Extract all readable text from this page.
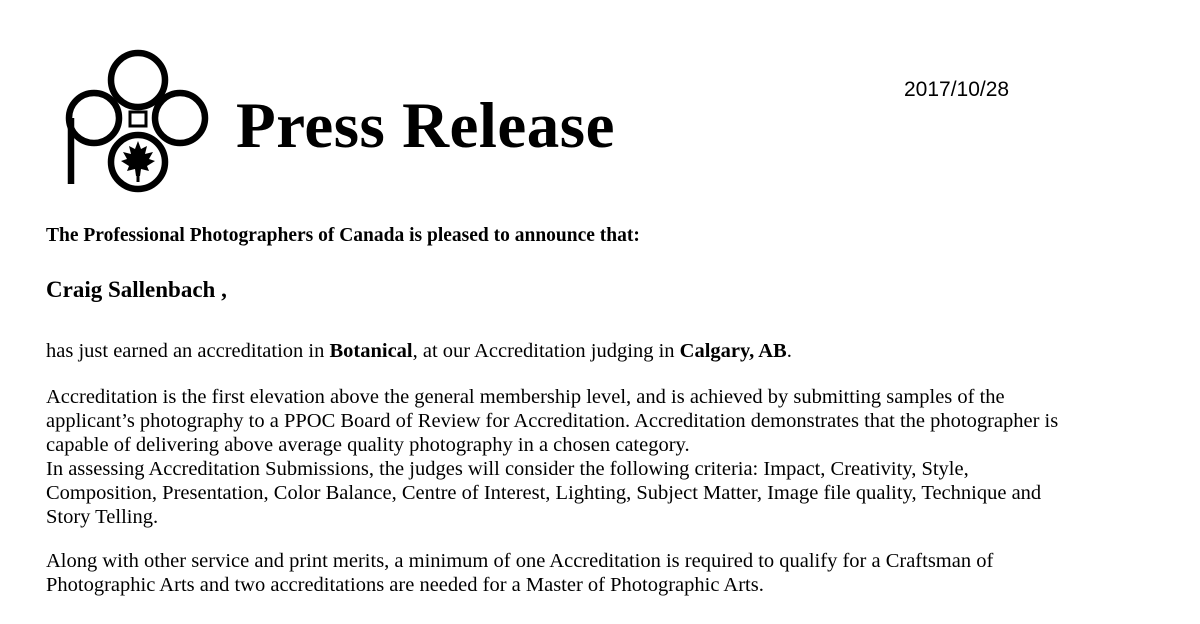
Press Release
2017/10/28
The Professional Photographers of Canada is pleased to announce that:
Craig Sallenbach ,
has just earned an accreditation in Botanical, at our Accreditation judging in Calgary, AB.
Accreditation is the first elevation above the general membership level, and is achieved by submitting samples of the
applicant’s photography to a PPOC Board of Review for Accreditation. Accreditation demonstrates that the photographer is
capable of delivering above average quality photography in a chosen category.
In assessing Accreditation Submissions, the judges will consider the following criteria: Impact, Creativity, Style,
Composition, Presentation, Color Balance, Centre of Interest, Lighting, Subject Matter, Image file quality, Technique and
Story Telling.
Along with other service and print merits, a minimum of one Accreditation is required to qualify for a Craftsman of
Photographic Arts and two accreditations are needed for a Master of Photographic Arts.
